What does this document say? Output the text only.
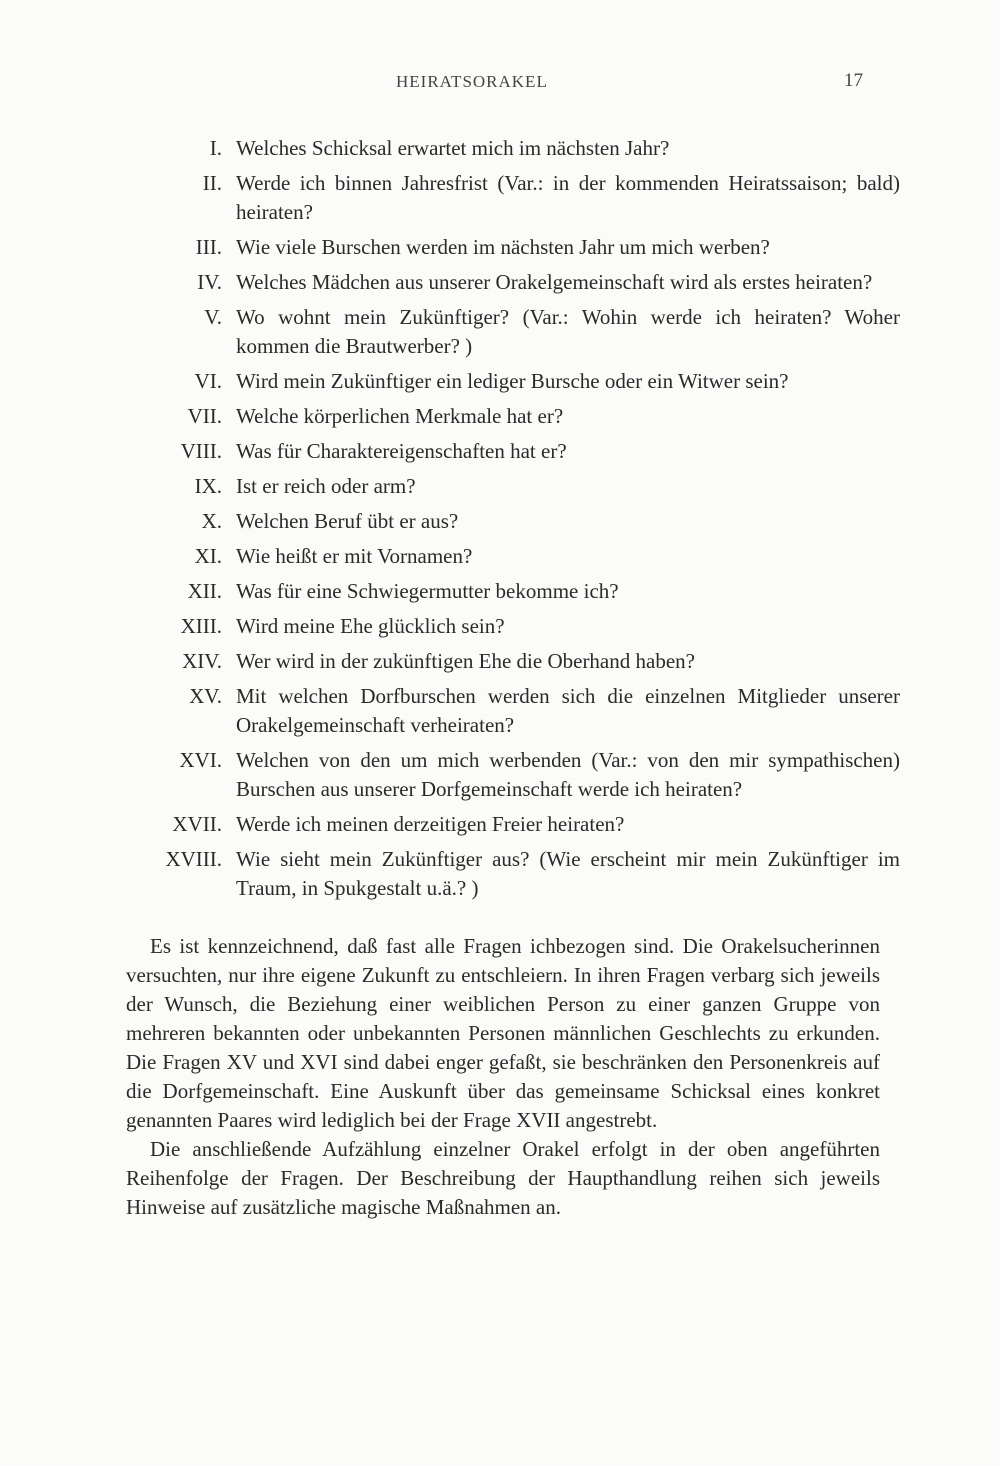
HEIRATSORAKEL	17
I. Welches Schicksal erwartet mich im nächsten Jahr?
II. Werde ich binnen Jahresfrist (Var.: in der kommenden Heiratssaison; bald) heiraten?
III. Wie viele Burschen werden im nächsten Jahr um mich werben?
IV. Welches Mädchen aus unserer Orakelgemeinschaft wird als erstes heiraten?
V. Wo wohnt mein Zukünftiger? (Var.: Wohin werde ich heiraten? Woher kommen die Brautwerber? )
VI. Wird mein Zukünftiger ein lediger Bursche oder ein Witwer sein?
VII. Welche körperlichen Merkmale hat er?
VIII. Was für Charaktereigenschaften hat er?
IX. Ist er reich oder arm?
X. Welchen Beruf übt er aus?
XI. Wie heißt er mit Vornamen?
XII. Was für eine Schwiegermutter bekomme ich?
XIII. Wird meine Ehe glücklich sein?
XIV. Wer wird in der zukünftigen Ehe die Oberhand haben?
XV. Mit welchen Dorfburschen werden sich die einzelnen Mitglieder unserer Orakelgemeinschaft verheiraten?
XVI. Welchen von den um mich werbenden (Var.: von den mir sympathischen) Burschen aus unserer Dorfgemeinschaft werde ich heiraten?
XVII. Werde ich meinen derzeitigen Freier heiraten?
XVIII. Wie sieht mein Zukünftiger aus? (Wie erscheint mir mein Zukünftiger im Traum, in Spukgestalt u.ä.? )

Es ist kennzeichnend, daß fast alle Fragen ichbezogen sind. Die Orakelsucherinnen versuchten, nur ihre eigene Zukunft zu entschleiern. In ihren Fragen verbarg sich jeweils der Wunsch, die Beziehung einer weiblichen Person zu einer ganzen Gruppe von mehreren bekannten oder unbekannten Personen männlichen Geschlechts zu erkunden. Die Fragen XV und XVI sind dabei enger gefaßt, sie beschränken den Personenkreis auf die Dorfgemeinschaft. Eine Auskunft über das gemeinsame Schicksal eines konkret genannten Paares wird lediglich bei der Frage XVII angestrebt.

Die anschließende Aufzählung einzelner Orakel erfolgt in der oben angeführten Reihenfolge der Fragen. Der Beschreibung der Haupthandlung reihen sich jeweils Hinweise auf zusätzliche magische Maßnahmen an.
